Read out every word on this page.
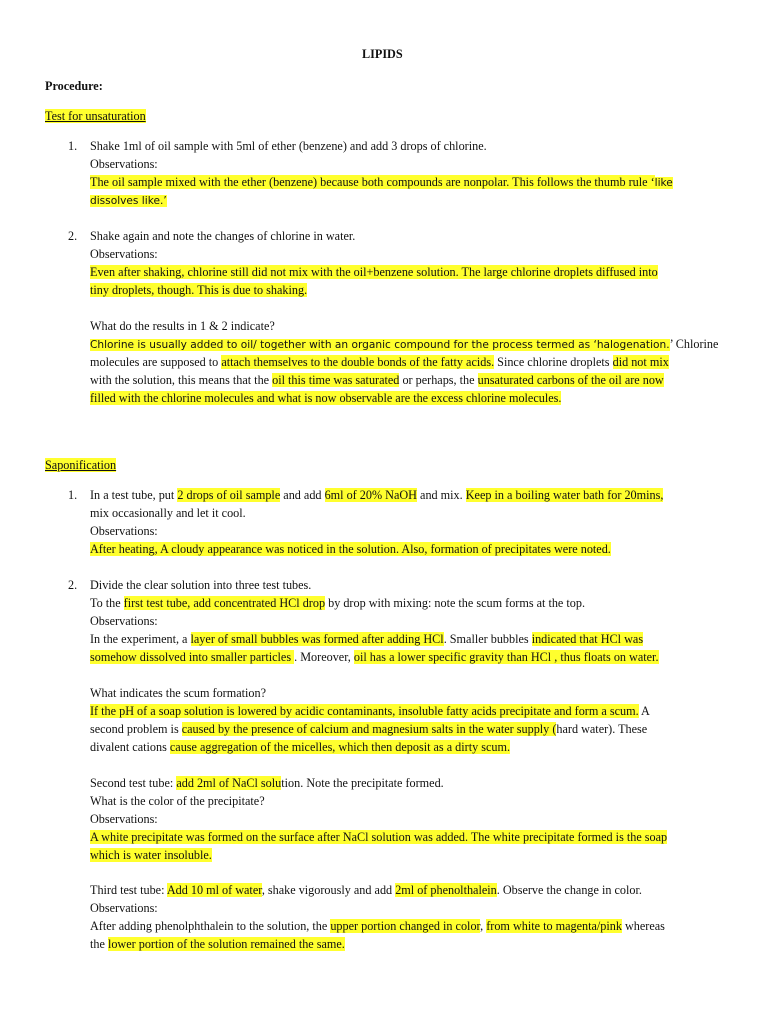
LIPIDS
Procedure:
Test for unsaturation
1. Shake 1ml of oil sample with 5ml of ether (benzene) and add 3 drops of chlorine.
Observations:
The oil sample mixed with the ether (benzene) because both compounds are nonpolar. This follows the thumb rule ‘like
dissolves like.’
2. Shake again and note the changes of chlorine in water.
Observations:
Even after shaking, chlorine still did not mix with the oil+benzene solution. The large chlorine droplets diffused into
tiny droplets, though. This is due to shaking.
What do the results in 1 & 2 indicate?
Chlorine is usually added to oil/ together with an organic compound for the process termed as ‘halogenation.’ Chlorine
molecules are supposed to attach themselves to the double bonds of the fatty acids. Since chlorine droplets did not mix
with the solution, this means that the oil this time was saturated or perhaps, the unsaturated carbons of the oil are now
filled with the chlorine molecules and what is now observable are the excess chlorine molecules.
Saponification
1. In a test tube, put 2 drops of oil sample and add 6ml of 20% NaOH and mix. Keep in a boiling water bath for 20mins,
mix occasionally and let it cool.
Observations:
After heating, A cloudy appearance was noticed in the solution. Also, formation of precipitates were noted.
2. Divide the clear solution into three test tubes.
To the first test tube, add concentrated HCl drop by drop with mixing: note the scum forms at the top.
Observations:
In the experiment, a layer of small bubbles was formed after adding HCl. Smaller bubbles indicated that HCl was
somehow dissolved into smaller particles . Moreover, oil has a lower specific gravity than HCl , thus floats on water.
What indicates the scum formation?
If the pH of a soap solution is lowered by acidic contaminants, insoluble fatty acids precipitate and form a scum. A
second problem is caused by the presence of calcium and magnesium salts in the water supply (hard water). These
divalent cations cause aggregation of the micelles, which then deposit as a dirty scum.
Second test tube: add 2ml of NaCl solution. Note the precipitate formed.
What is the color of the precipitate?
Observations:
A white precipitate was formed on the surface after NaCl solution was added. The white precipitate formed is the soap
which is water insoluble.
Third test tube: Add 10 ml of water, shake vigorously and add 2ml of phenolthalein. Observe the change in color.
Observations:
After adding phenolphthalein to the solution, the upper portion changed in color, from white to magenta/pink whereas
the lower portion of the solution remained the same.
